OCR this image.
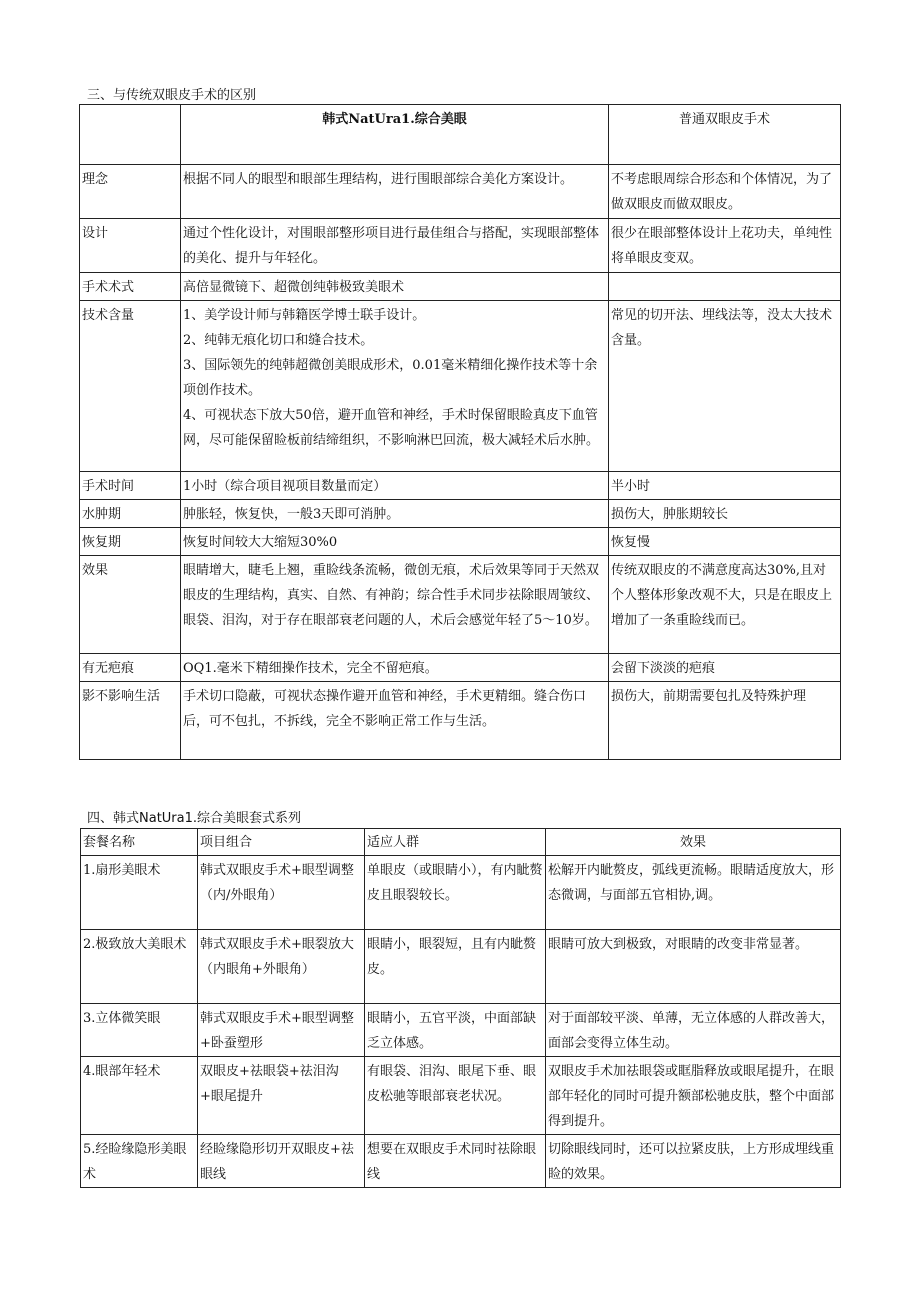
三、与传统双眼皮手术的区别
	韩式NatUra1.综合美眼	普通双眼皮手术
理念	根据不同人的眼型和眼部生理结构，进行围眼部综合美化方案设计。	不考虑眼周综合形态和个体情况，为了做双眼皮而做双眼皮。
设计	通过个性化设计，对围眼部整形项目进行最佳组合与搭配，实现眼部整体的美化、提升与年轻化。	很少在眼部整体设计上花功夫，单纯性将单眼皮变双。
手术术式	高倍显微镜下、超微创纯韩极致美眼术	

技术含量	1、美学设计师与韩籍医学博士联手设计。
2、纯韩无痕化切口和缝合技术。
3、国际领先的纯韩超微创美眼成形术，0.01毫米精细化操作技术等十余项创作技术。
4、可视状态下放大50倍，避开血管和神经，手术时保留眼睑真皮下血管网，尽可能保留睑板前结缔组织，不影响淋巴回流，极大减轻术后水肿。	常见的切开法、埋线法等，没太大技术含量。
手术时间	1小时（综合项目视项目数量而定）	半小时
水肿期	肿胀轻，恢复快，一般3天即可消肿。	损伤大，肿胀期较长
恢复期	恢复时间较大大缩短30%0	恢复慢
效果	眼睛增大，睫毛上翘，重睑线条流畅，微创无痕，术后效果等同于天然双眼皮的生理结构，真实、自然、有神韵；综合性手术同步祛除眼周皱纹、眼袋、泪沟，对于存在眼部衰老问题的人，术后会感觉年轻了5～10岁。	传统双眼皮的不满意度高达30%,且对个人整体形象改观不大，只是在眼皮上增加了一条重睑线而已。
有无疤痕	OQ1.毫米下精细操作技术，完全不留疤痕。	会留下淡淡的疤痕
影不影响生活	手术切口隐蔽，可视状态操作避开血管和神经，手术更精细。缝合伤口后，可不包扎，不拆线，完全不影响正常工作与生活。	损伤大，前期需要包扎及特殊护理
四、韩式NatUra1.综合美眼套式系列
套餐名称	项目组合	适应人群	效果
1.扇形美眼术	韩式双眼皮手术+眼型调整（内/外眼角）	单眼皮（或眼睛小），有内眦赘皮且眼裂较长。	松解开内眦赘皮，弧线更流畅。眼睛适度放大，形态微调，与面部五官相协,调。
2.极致放大美眼术	韩式双眼皮手术+眼裂放大（内眼角+外眼角）	眼睛小，眼裂短，且有内眦赘皮。	眼睛可放大到极致，对眼睛的改变非常显著。
3.立体微笑眼	韩式双眼皮手术+眼型调整+卧蚕塑形	眼睛小，五官平淡，中面部缺乏立体感。	对于面部较平淡、单薄，无立体感的人群改善大，面部会变得立体生动。
4.眼部年轻术	双眼皮+祛眼袋+祛泪沟+眼尾提升	有眼袋、泪沟、眼尾下垂、眼皮松驰等眼部衰老状况。	双眼皮手术加祛眼袋或眶脂释放或眼尾提升，在眼部年轻化的同时可提升额部松驰皮肤，整个中面部得到提升。
5.经睑缘隐形美眼术	经睑缘隐形切开双眼皮+祛眼线	想要在双眼皮手术同时祛除眼线	切除眼线同时，还可以拉紧皮肤，上方形成埋线重睑的效果。
